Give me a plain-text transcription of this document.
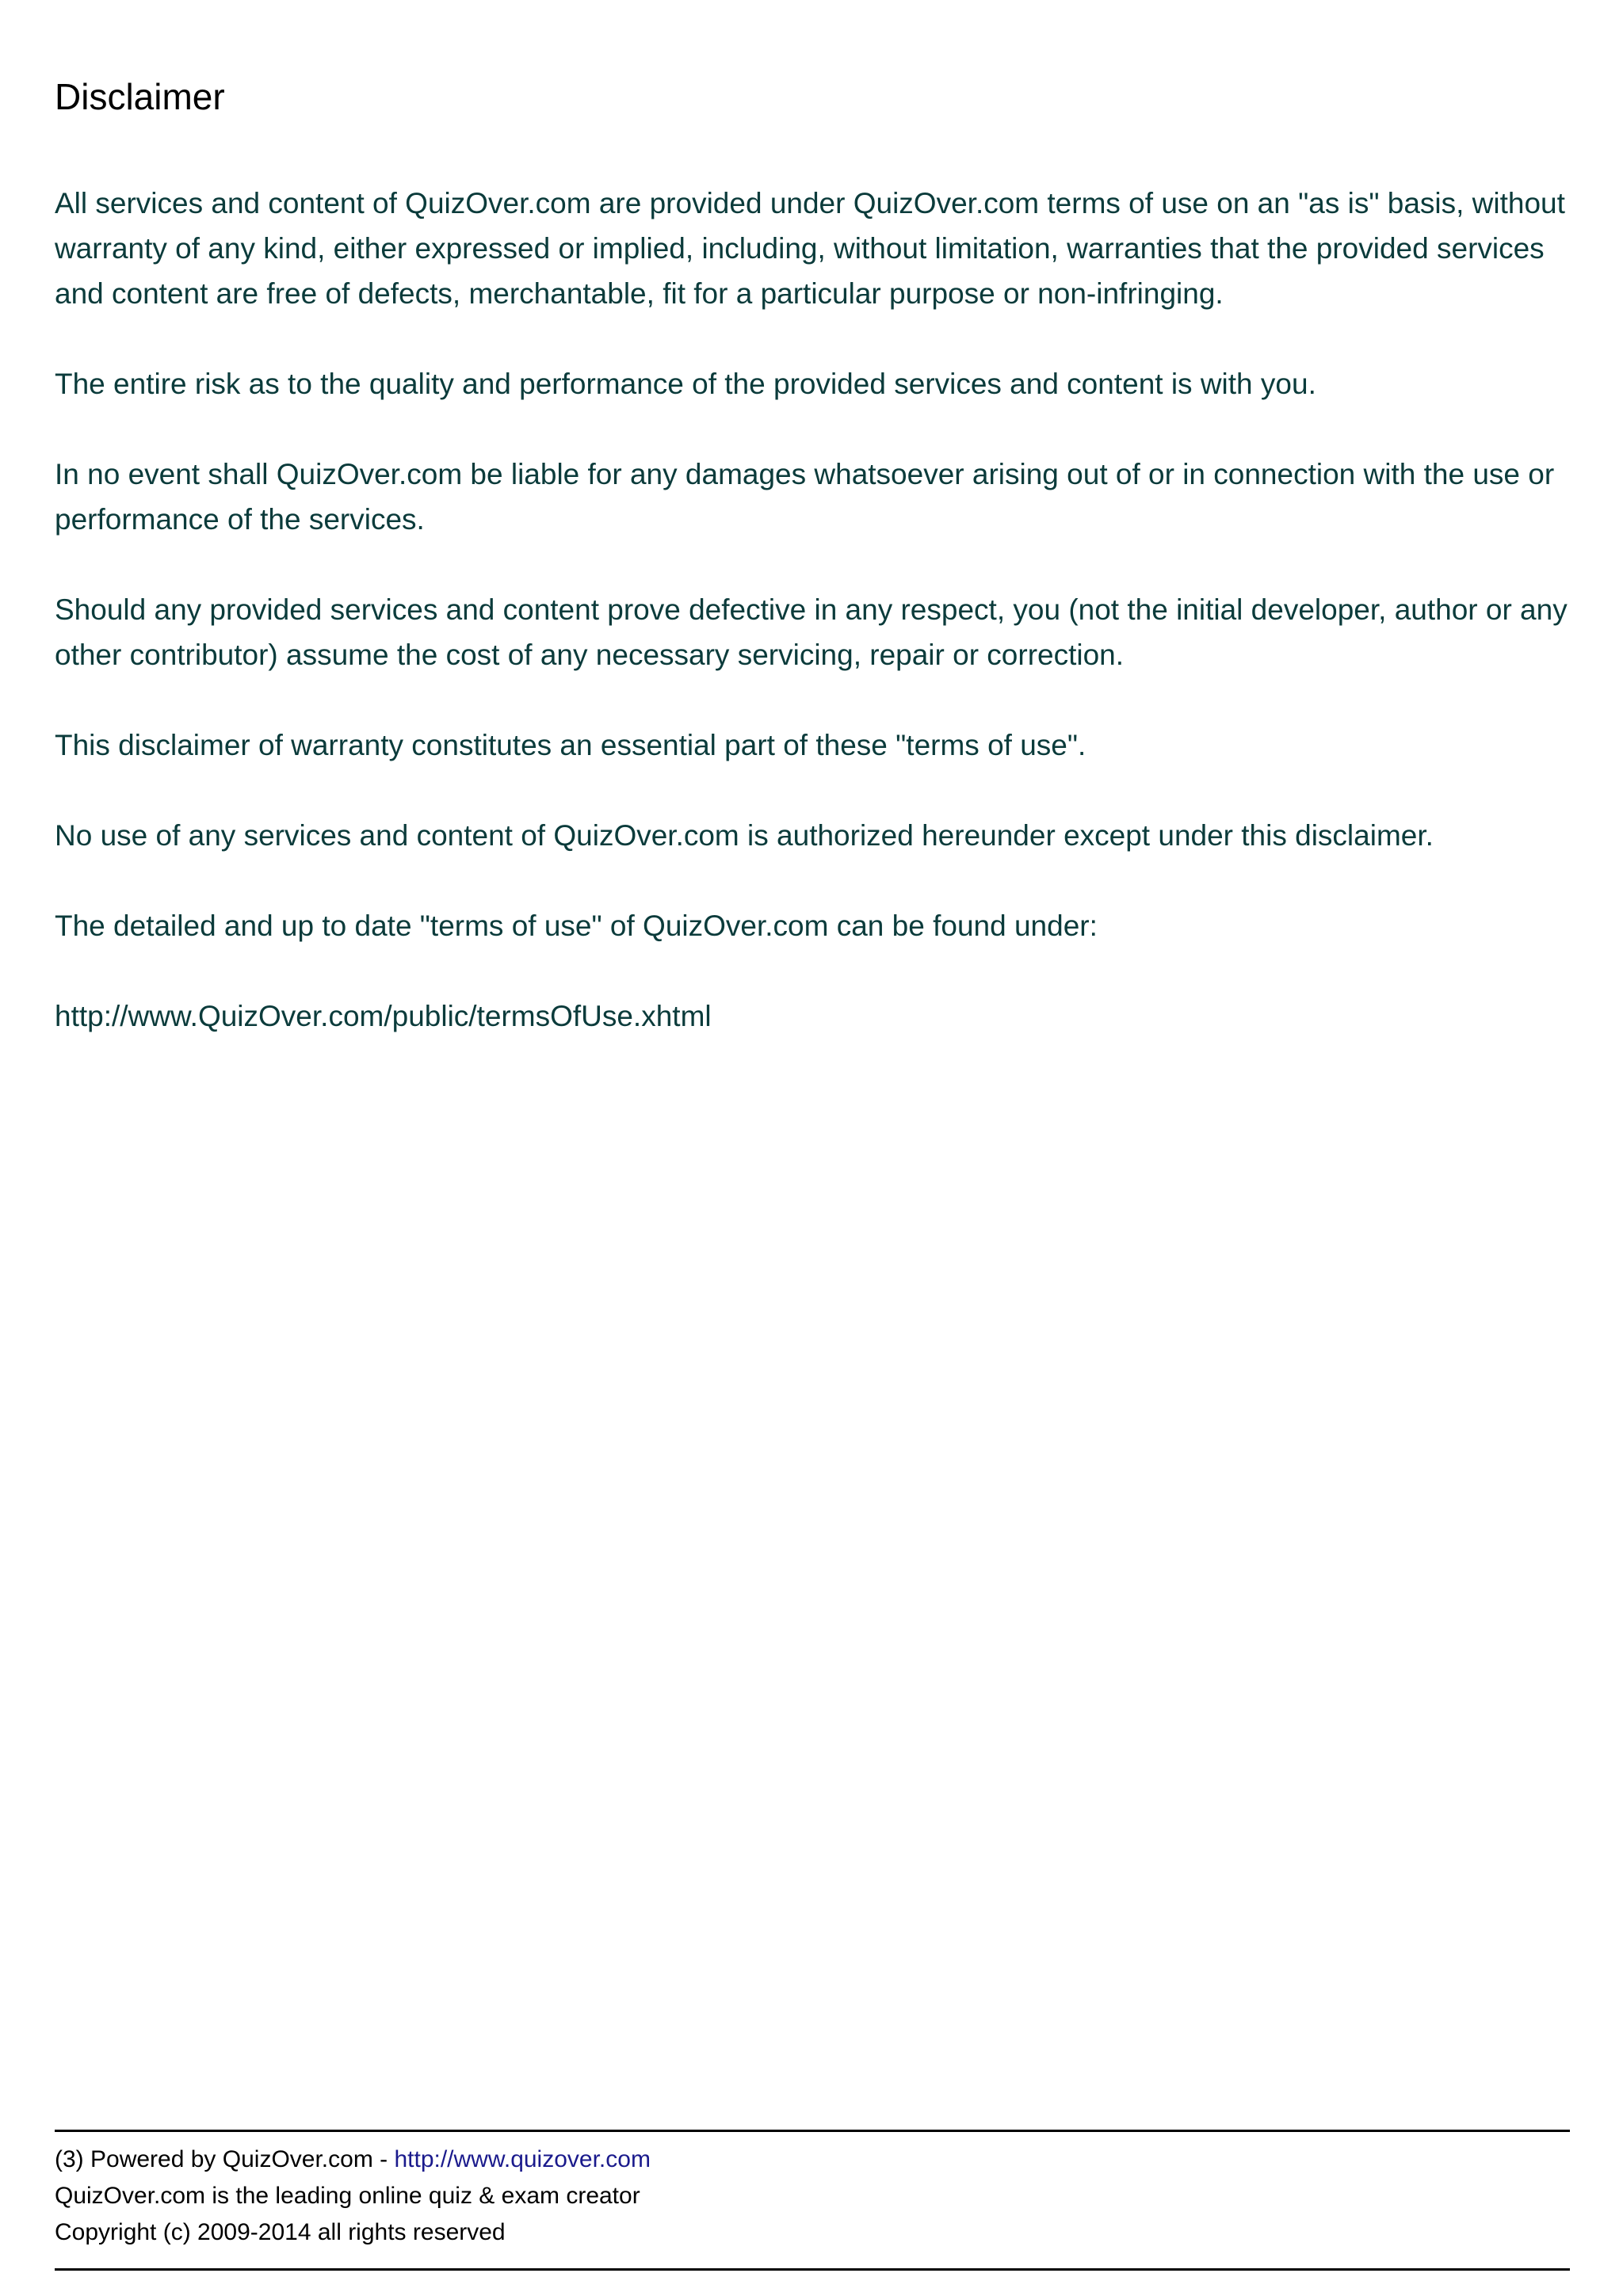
Disclaimer

All services and content of QuizOver.com are provided under QuizOver.com terms of use on an "as is" basis, without warranty of any kind, either expressed or implied, including, without limitation, warranties that the provided services and content are free of defects, merchantable, fit for a particular purpose or non-infringing.

The entire risk as to the quality and performance of the provided services and content is with you.

In no event shall QuizOver.com be liable for any damages whatsoever arising out of or in connection with the use or performance of the services.

Should any provided services and content prove defective in any respect, you (not the initial developer, author or any other contributor) assume the cost of any necessary servicing, repair or correction.

This disclaimer of warranty constitutes an essential part of these "terms of use".

No use of any services and content of QuizOver.com is authorized hereunder except under this disclaimer.

The detailed and up to date "terms of use" of QuizOver.com can be found under:

http://www.QuizOver.com/public/termsOfUse.xhtml

(3) Powered by QuizOver.com - http://www.quizover.com
QuizOver.com is the leading online quiz & exam creator
Copyright (c) 2009-2014 all rights reserved
